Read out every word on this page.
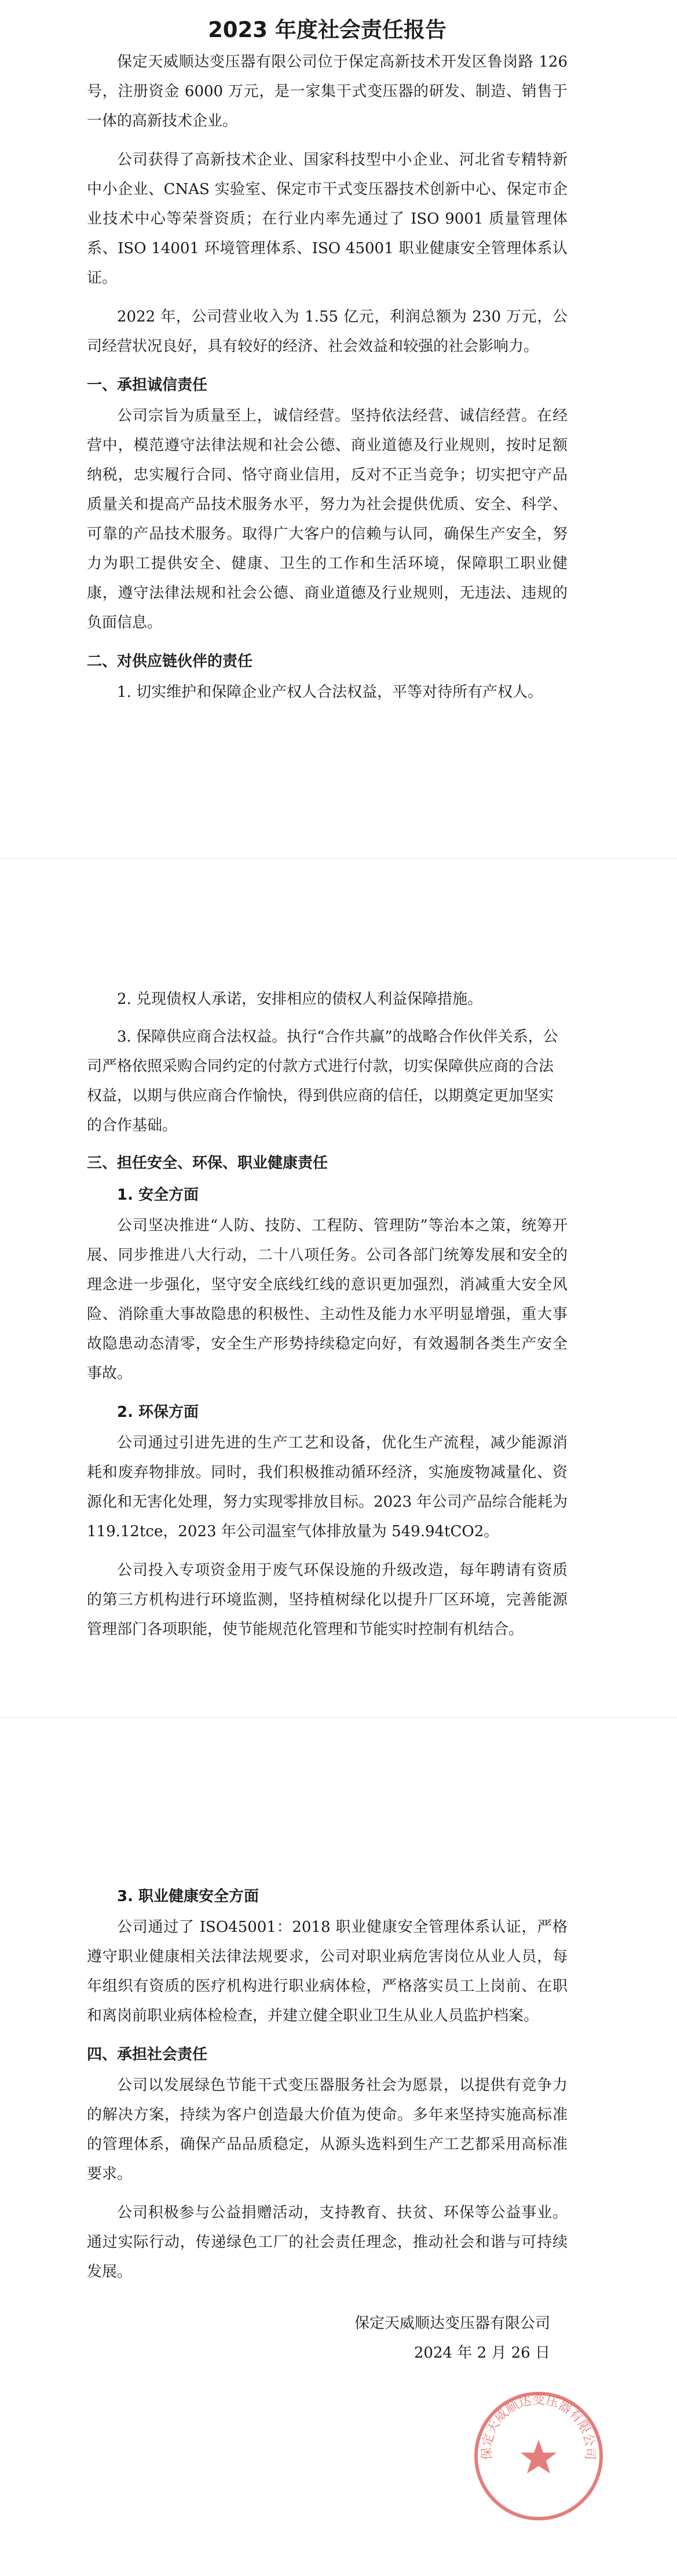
2023 年度社会责任报告

保定天威顺达变压器有限公司位于保定高新技术开发区鲁岗路 126 号，注册资金 6000 万元，是一家集干式变压器的研发、制造、销售于一体的高新技术企业。

公司获得了高新技术企业、国家科技型中小企业、河北省专精特新中小企业、CNAS 实验室、保定市干式变压器技术创新中心、保定市企业技术中心等荣誉资质；在行业内率先通过了 ISO 9001 质量管理体系、ISO 14001 环境管理体系、ISO 45001 职业健康安全管理体系认证。

2022 年，公司营业收入为 1.55 亿元，利润总额为 230 万元，公司经营状况良好，具有较好的经济、社会效益和较强的社会影响力。

一、承担诚信责任

公司宗旨为质量至上，诚信经营。坚持依法经营、诚信经营。在经营中，模范遵守法律法规和社会公德、商业道德及行业规则，按时足额纳税，忠实履行合同、恪守商业信用，反对不正当竞争；切实把守产品质量关和提高产品技术服务水平，努力为社会提供优质、安全、科学、可靠的产品技术服务。取得广大客户的信赖与认同，确保生产安全，努力为职工提供安全、健康、卫生的工作和生活环境，保障职工职业健康，遵守法律法规和社会公德、商业道德及行业规则，无违法、违规的负面信息。

二、对供应链伙伴的责任

1. 切实维护和保障企业产权人合法权益，平等对待所有产权人。

2. 兑现债权人承诺，安排相应的债权人利益保障措施。

3. 保障供应商合法权益。执行“合作共赢”的战略合作伙伴关系，公司严格依照采购合同约定的付款方式进行付款，切实保障供应商的合法权益，以期与供应商合作愉快，得到供应商的信任，以期奠定更加坚实的合作基础。

三、担任安全、环保、职业健康责任

1. 安全方面

公司坚决推进“人防、技防、工程防、管理防”等治本之策，统筹开展、同步推进八大行动，二十八项任务。公司各部门统筹发展和安全的理念进一步强化，坚守安全底线红线的意识更加强烈，消减重大安全风险、消除重大事故隐患的积极性、主动性及能力水平明显增强，重大事故隐患动态清零，安全生产形势持续稳定向好，有效遏制各类生产安全事故。

2. 环保方面

公司通过引进先进的生产工艺和设备，优化生产流程，减少能源消耗和废弃物排放。同时，我们积极推动循环经济，实施废物减量化、资源化和无害化处理，努力实现零排放目标。2023 年公司产品综合能耗为 119.12tce，2023 年公司温室气体排放量为 549.94tCO2。

公司投入专项资金用于废气环保设施的升级改造，每年聘请有资质的第三方机构进行环境监测，坚持植树绿化以提升厂区环境，完善能源管理部门各项职能，使节能规范化管理和节能实时控制有机结合。

3. 职业健康安全方面

公司通过了 ISO45001：2018 职业健康安全管理体系认证，严格遵守职业健康相关法律法规要求，公司对职业病危害岗位从业人员，每年组织有资质的医疗机构进行职业病体检，严格落实员工上岗前、在职和离岗前职业病体检检查，并建立健全职业卫生从业人员监护档案。

四、承担社会责任

公司以发展绿色节能干式变压器服务社会为愿景，以提供有竞争力的解决方案，持续为客户创造最大价值为使命。多年来坚持实施高标准的管理体系，确保产品品质稳定，从源头选料到生产工艺都采用高标准要求。

公司积极参与公益捐赠活动，支持教育、扶贫、环保等公益事业。通过实际行动，传递绿色工厂的社会责任理念，推动社会和谐与可持续发展。

保定天威顺达变压器有限公司

2024 年 2 月 26 日

保定天威顺达变压器有限公司
